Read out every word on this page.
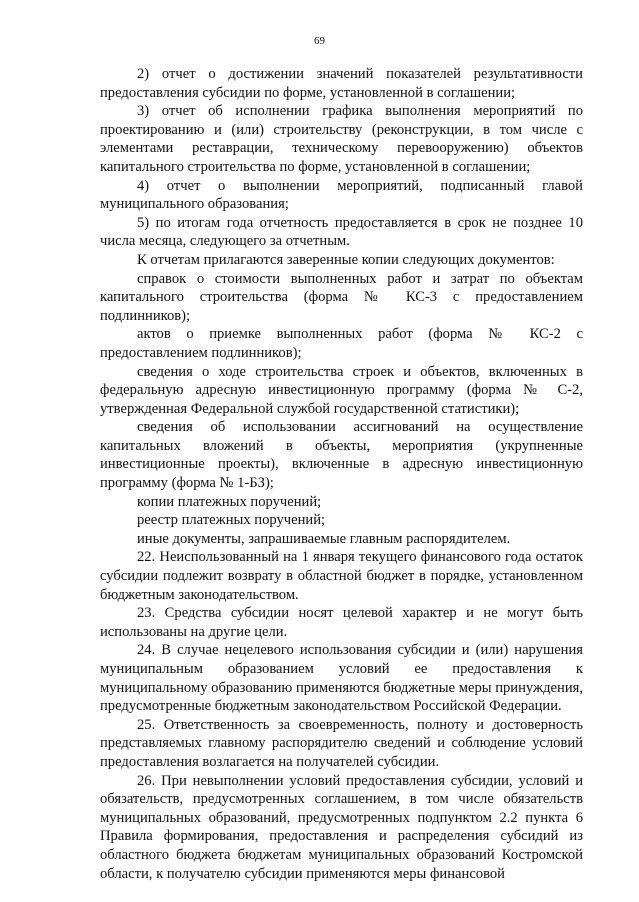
69

2) отчет о достижении значений показателей результативности предоставления субсидии по форме, установленной в соглашении;

3) отчет об исполнении графика выполнения мероприятий по проектированию и (или) строительству (реконструкции, в том числе с элементами реставрации, техническому перевооружению) объектов капитального строительства по форме, установленной в соглашении;

4) отчет о выполнении мероприятий, подписанный главой муниципального образования;

5) по итогам года отчетность предоставляется в срок не позднее 10 числа месяца, следующего за отчетным.

К отчетам прилагаются заверенные копии следующих документов:

справок о стоимости выполненных работ и затрат по объектам капитального строительства (форма № КС-3 с предоставлением подлинников);

актов о приемке выполненных работ (форма № КС-2 с предоставлением подлинников);

сведения о ходе строительства строек и объектов, включенных в федеральную адресную инвестиционную программу (форма № С-2, утвержденная Федеральной службой государственной статистики);

сведения об использовании ассигнований на осуществление капитальных вложений в объекты, мероприятия (укрупненные инвестиционные проекты), включенные в адресную инвестиционную программу (форма № 1-БЗ);

копии платежных поручений;

реестр платежных поручений;

иные документы, запрашиваемые главным распорядителем.

22. Неиспользованный на 1 января текущего финансового года остаток субсидии подлежит возврату в областной бюджет в порядке, установленном бюджетным законодательством.

23. Средства субсидии носят целевой характер и не могут быть использованы на другие цели.

24. В случае нецелевого использования субсидии и (или) нарушения муниципальным образованием условий ее предоставления к муниципальному образованию применяются бюджетные меры принуждения, предусмотренные бюджетным законодательством Российской Федерации.

25. Ответственность за своевременность, полноту и достоверность представляемых главному распорядителю сведений и соблюдение условий предоставления возлагается на получателей субсидии.

26. При невыполнении условий предоставления субсидии, условий и обязательств, предусмотренных соглашением, в том числе обязательств муниципальных образований, предусмотренных подпунктом 2.2 пункта 6 Правила формирования, предоставления и распределения субсидий из областного бюджета бюджетам муниципальных образований Костромской области, к получателю субсидии применяются меры финансовой
